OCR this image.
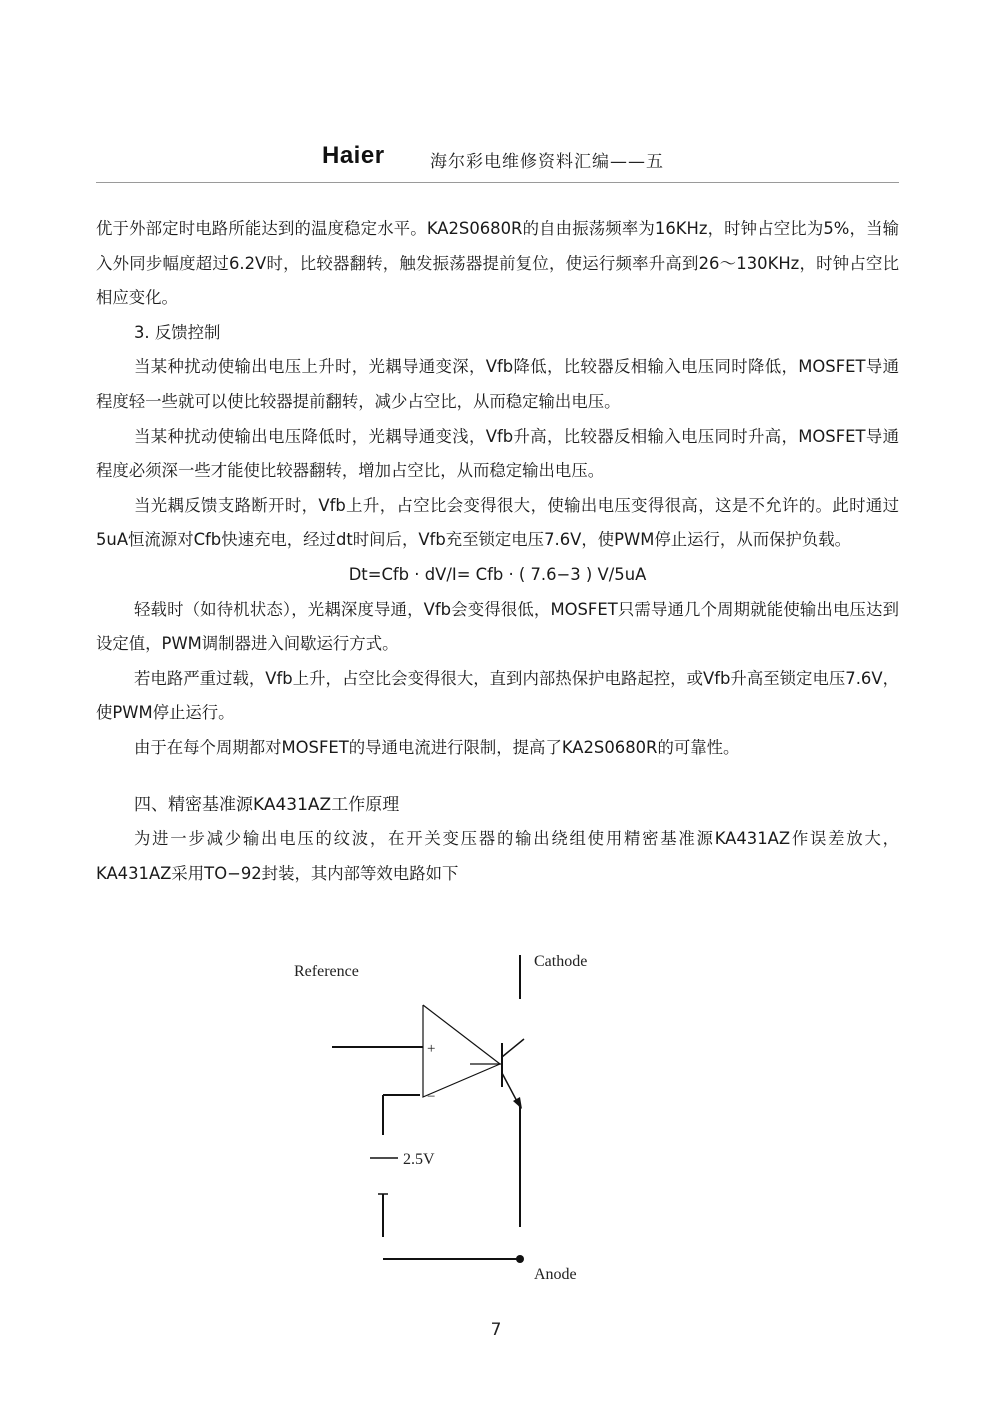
Haier	海尔彩电维修资料汇编——五

优于外部定时电路所能达到的温度稳定水平。KA2S0680R的自由振荡频率为16KHz，时钟占空比为5%，当输入外同步幅度超过6.2V时，比较器翻转，触发振荡器提前复位，使运行频率升高到26～130KHz，时钟占空比相应变化。

3. 反馈控制

当某种扰动使输出电压上升时，光耦导通变深，Vfb降低，比较器反相输入电压同时降低，MOSFET导通程度轻一些就可以使比较器提前翻转，减少占空比，从而稳定输出电压。

当某种扰动使输出电压降低时，光耦导通变浅，Vfb升高，比较器反相输入电压同时升高，MOSFET导通程度必须深一些才能使比较器翻转，增加占空比，从而稳定输出电压。

当光耦反馈支路断开时，Vfb上升，占空比会变得很大，使输出电压变得很高，这是不允许的。此时通过5uA恒流源对Cfb快速充电，经过dt时间后，Vfb充至锁定电压7.6V，使PWM停止运行，从而保护负载。

Dt=Cfb · dV/I= Cfb · ( 7.6−3 ) V/5uA

轻载时（如待机状态），光耦深度导通，Vfb会变得很低，MOSFET只需导通几个周期就能使输出电压达到设定值，PWM调制器进入间歇运行方式。

若电路严重过载，Vfb上升，占空比会变得很大，直到内部热保护电路起控，或Vfb升高至锁定电压7.6V，使PWM停止运行。

由于在每个周期都对MOSFET的导通电流进行限制，提高了KA2S0680R的可靠性。

四、精密基准源KA431AZ工作原理

为进一步减少输出电压的纹波，在开关变压器的输出绕组使用精密基准源KA431AZ作误差放大，KA431AZ采用TO−92封装，其内部等效电路如下

Reference
Cathode
Anode
2.5V
+
−
7
